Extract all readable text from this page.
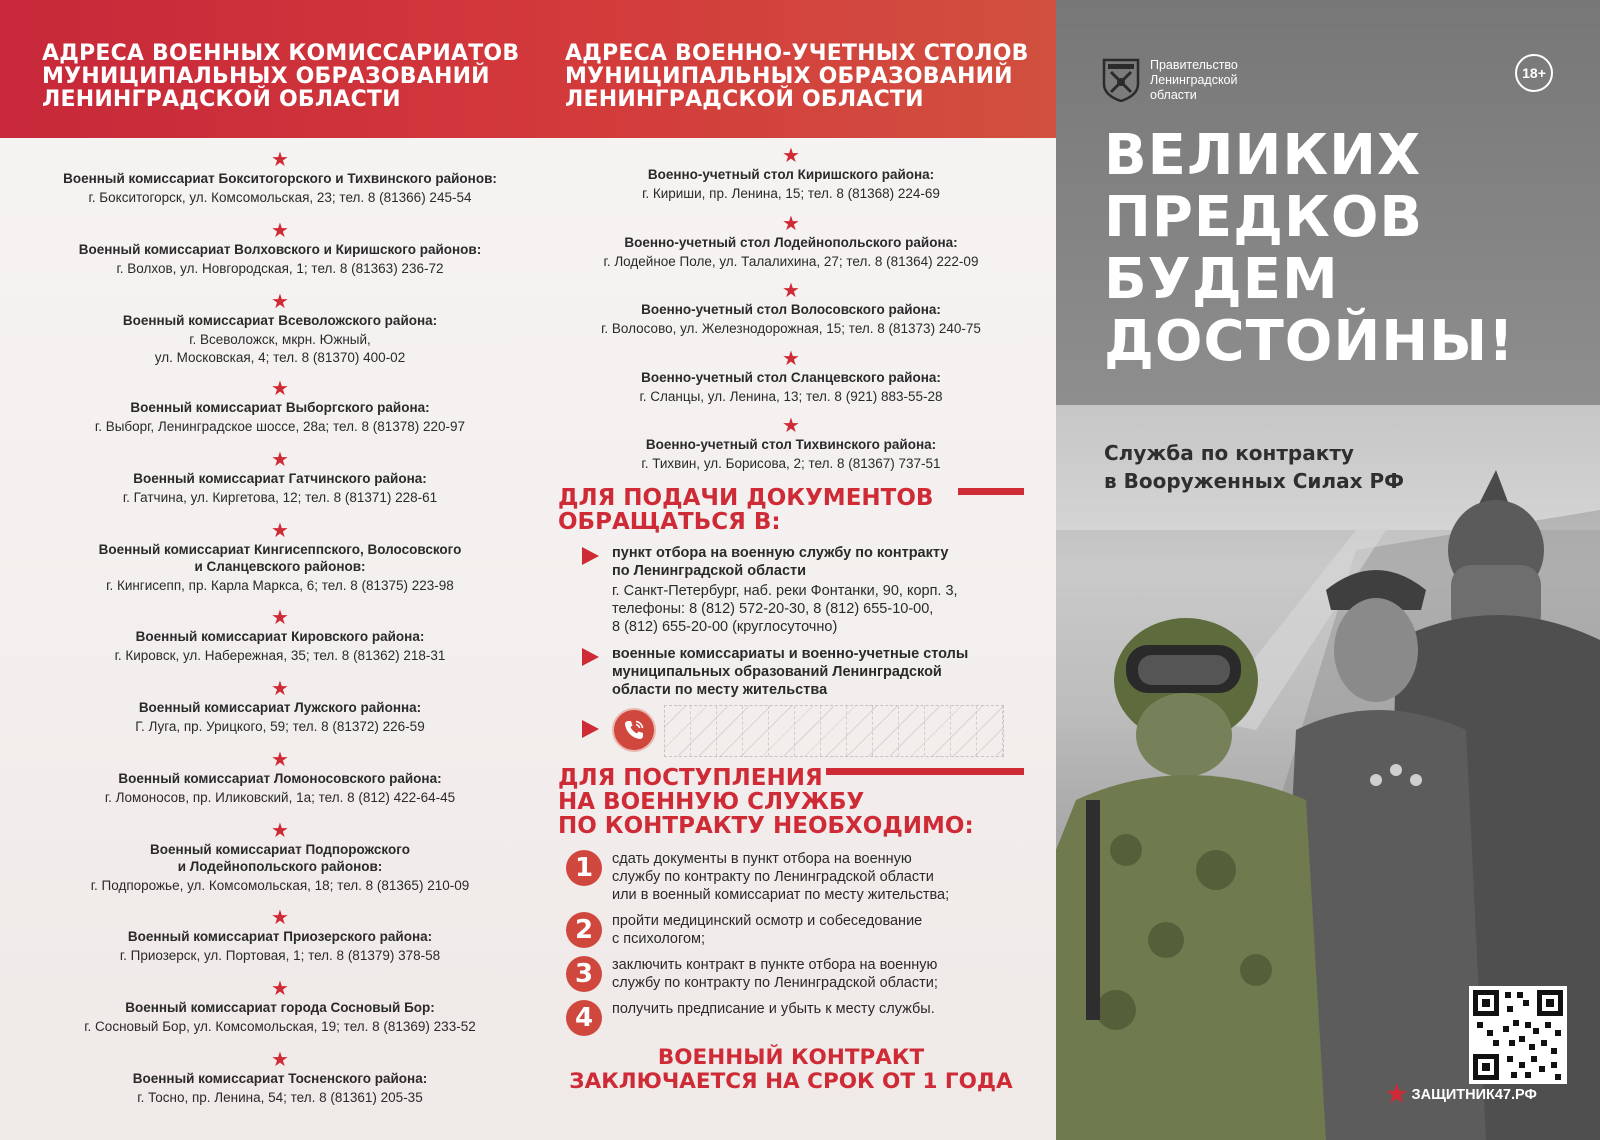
АДРЕСА ВОЕННЫХ КОМИССАРИАТОВ
МУНИЦИПАЛЬНЫХ ОБРАЗОВАНИЙ
ЛЕНИНГРАДСКОЙ ОБЛАСТИ
АДРЕСА ВОЕННО-УЧЕТНЫХ СТОЛОВ
МУНИЦИПАЛЬНЫХ ОБРАЗОВАНИЙ
ЛЕНИНГРАДСКОЙ ОБЛАСТИ
★
Военный комиссариат Бокситогорского и Тихвинского районов:
г. Бокситогорск, ул. Комсомольская, 23; тел. 8 (81366) 245-54
★
Военный комиссариат Волховского и Киришского районов:
г. Волхов, ул. Новгородская, 1; тел. 8 (81363) 236-72
★
Военный комиссариат Всеволожского района:
г. Всеволожск, мкрн. Южный,
ул. Московская, 4; тел. 8 (81370) 400-02
★
Военный комиссариат Выборгского района:
г. Выборг, Ленинградское шоссе, 28а; тел. 8 (81378) 220-97
★
Военный комиссариат Гатчинского района:
г. Гатчина, ул. Киргетова, 12; тел. 8 (81371) 228-61
★
Военный комиссариат Кингисеппского, Волосовского
и Сланцевского районов:
г. Кингисепп, пр. Карла Маркса, 6; тел. 8 (81375) 223-98
★
Военный комиссариат Кировского района:
г. Кировск, ул. Набережная, 35; тел. 8 (81362) 218-31
★
Военный комиссариат Лужского районна:
Г. Луга, пр. Урицкого, 59; тел. 8 (81372) 226-59
★
Военный комиссариат Ломоносовского района:
г. Ломоносов, пр. Иликовский, 1а; тел. 8 (812) 422-64-45
★
Военный комиссариат Подпорожского
и Лодейнопольского районов:
г. Подпорожье, ул. Комсомольская, 18; тел. 8 (81365) 210-09
★
Военный комиссариат Приозерского района:
г. Приозерск, ул. Портовая, 1; тел. 8 (81379) 378-58
★
Военный комиссариат города Сосновый Бор:
г. Сосновый Бор, ул. Комсомольская, 19; тел. 8 (81369) 233-52
★
Военный комиссариат Тосненского района:
г. Тосно, пр. Ленина, 54; тел. 8 (81361) 205-35
★
Военно-учетный стол Киришского района:
г. Кириши, пр. Ленина, 15; тел. 8 (81368) 224-69
★
Военно-учетный стол Лодейнопольского района:
г. Лодейное Поле, ул. Талалихина, 27; тел. 8 (81364) 222-09
★
Военно-учетный стол Волосовского района:
г. Волосово, ул. Железнодорожная, 15; тел. 8 (81373) 240-75
★
Военно-учетный стол Сланцевского района:
г. Сланцы, ул. Ленина, 13; тел. 8 (921) 883-55-28
★
Военно-учетный стол Тихвинского района:
г. Тихвин, ул. Борисова, 2; тел. 8 (81367) 737-51
ДЛЯ ПОДАЧИ ДОКУМЕНТОВ
ОБРАЩАТЬСЯ В:
пункт отбора на военную службу по контракту
по Ленинградской области
г. Санкт-Петербург, наб. реки Фонтанки, 90, корп. 3,
телефоны: 8 (812) 572-20-30, 8 (812) 655-10-00,
8 (812) 655-20-00 (круглосуточно)
военные комиссариаты и военно-учетные столы
муниципальных образований Ленинградской
области по месту жительства
ДЛЯ ПОСТУПЛЕНИЯ
НА ВОЕННУЮ СЛУЖБУ
ПО КОНТРАКТУ НЕОБХОДИМО:
1	сдать документы в пункт отбора на военную
службу по контракту по Ленинградской области
или в военный комиссариат по месту жительства;
2	пройти медицинский осмотр и собеседование
с психологом;
3	заключить контракт в пункте отбора на военную
службу по контракту по Ленинградской области;
4	получить предписание и убыть к месту службы.
ВОЕННЫЙ КОНТРАКТ
ЗАКЛЮЧАЕТСЯ НА СРОК ОТ 1 ГОДА
Правительство
Ленинградской
области
18+
ВЕЛИКИХ
ПРЕДКОВ
БУДЕМ
ДОСТОЙНЫ!
Служба по контракту
в Вооруженных Силах РФ
★ ЗАЩИТНИК47.РФ
